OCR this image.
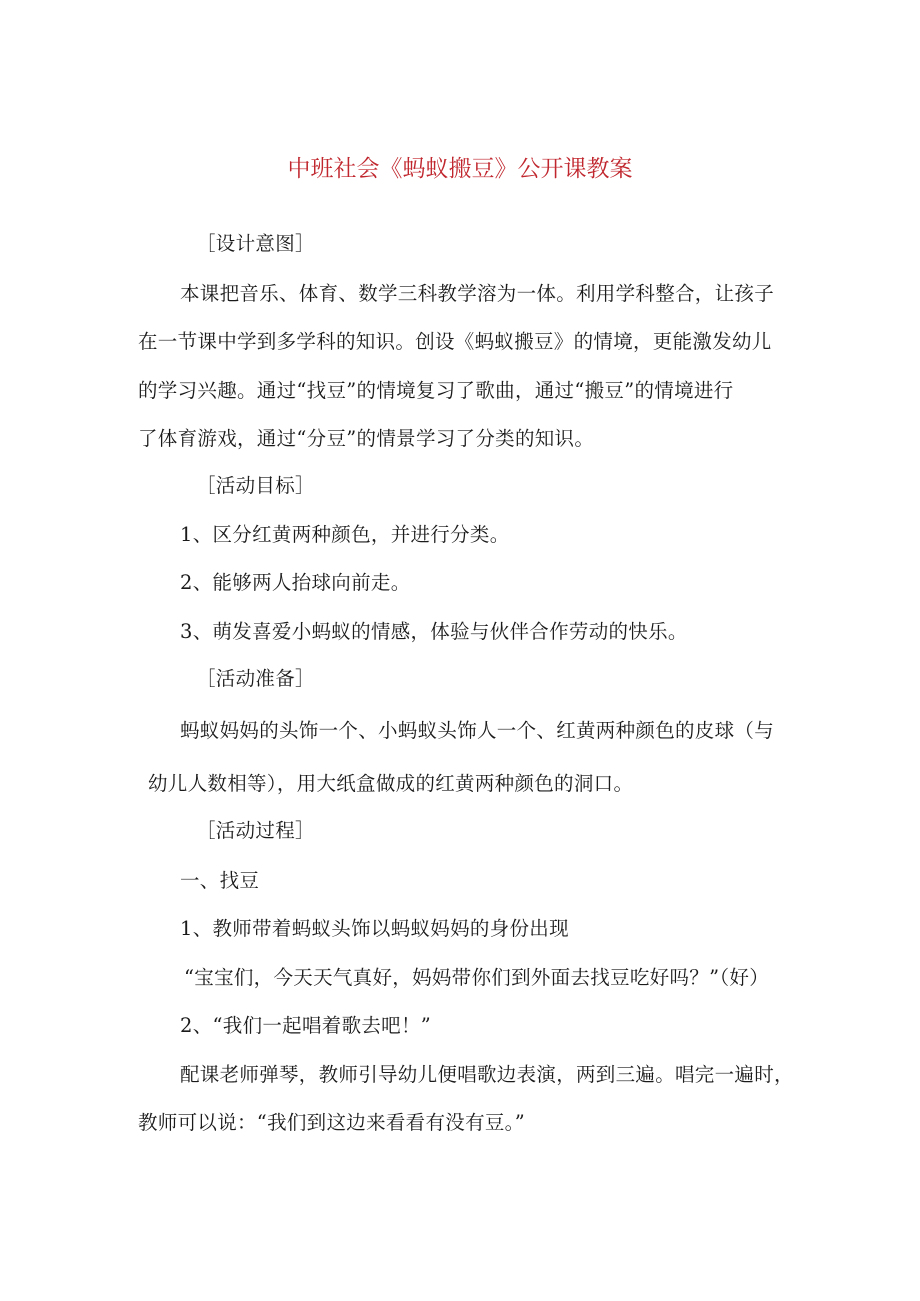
中班社会《蚂蚁搬豆》公开课教案
［设计意图］
本课把音乐、体育、数学三科教学溶为一体。利用学科整合，让孩子
在一节课中学到多学科的知识。创设《蚂蚁搬豆》的情境，更能激发幼儿
的学习兴趣。通过“找豆”的情境复习了歌曲，通过“搬豆”的情境进行
了体育游戏，通过“分豆”的情景学习了分类的知识。
［活动目标］
1、区分红黄两种颜色，并进行分类。
2、能够两人抬球向前走。
3、萌发喜爱小蚂蚁的情感，体验与伙伴合作劳动的快乐。
［活动准备］
蚂蚁妈妈的头饰一个、小蚂蚁头饰人一个、红黄两种颜色的皮球（与
幼儿人数相等），用大纸盒做成的红黄两种颜色的洞口。
［活动过程］
一、找豆
1、教师带着蚂蚁头饰以蚂蚁妈妈的身份出现
“宝宝们，今天天气真好，妈妈带你们到外面去找豆吃好吗？”（好）
2、“我们一起唱着歌去吧！”
配课老师弹琴，教师引导幼儿便唱歌边表演，两到三遍。唱完一遍时，
教师可以说：“我们到这边来看看有没有豆。”
